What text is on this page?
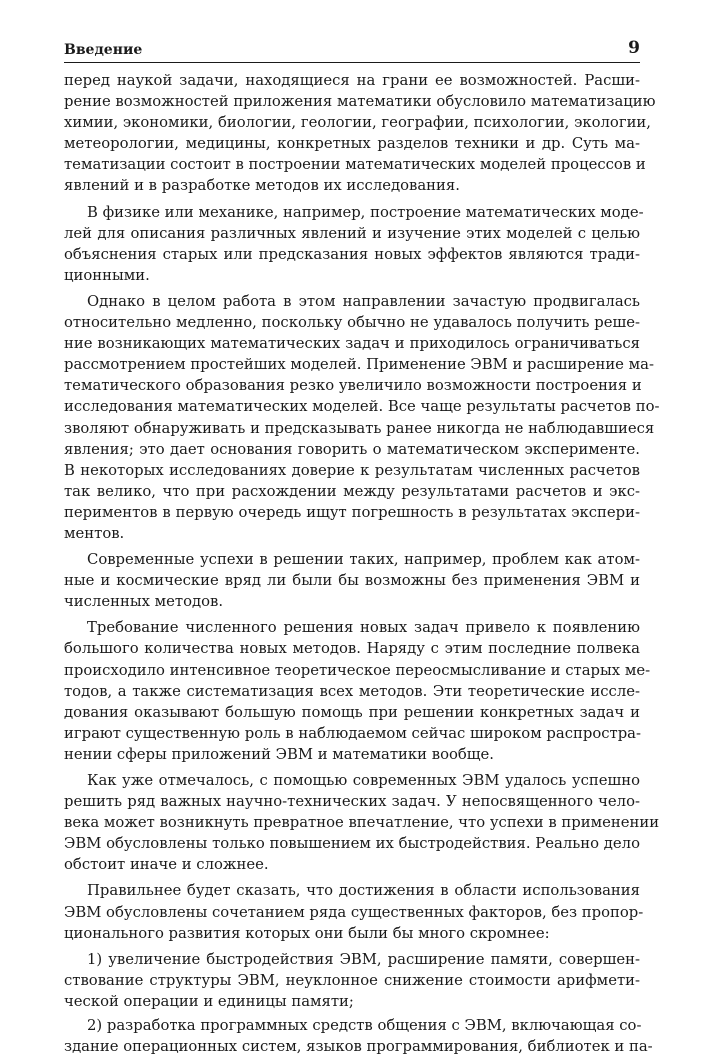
Введение	9
перед наукой задачи, находящиеся на грани ее возможностей. Расши-
рение возможностей приложения математики обусловило математизацию
химии, экономики, биологии, геологии, географии, психологии, экологии,
метеорологии, медицины, конкретных разделов техники и др. Суть ма-
тематизации состоит в построении математических моделей процессов и
явлений и в разработке методов их исследования.
В физике или механике, например, построение математических моде-
лей для описания различных явлений и изучение этих моделей с целью
объяснения старых или предсказания новых эффектов являются тради-
ционными.
Однако в целом работа в этом направлении зачастую продвигалась
относительно медленно, поскольку обычно не удавалось получить реше-
ние возникающих математических задач и приходилось ограничиваться
рассмотрением простейших моделей. Применение ЭВМ и расширение ма-
тематического образования резко увеличило возможности построения и
исследования математических моделей. Все чаще результаты расчетов по-
зволяют обнаруживать и предсказывать ранее никогда не наблюдавшиеся
явления; это дает основания говорить о математическом эксперименте.
В некоторых исследованиях доверие к результатам численных расчетов
так велико, что при расхождении между результатами расчетов и экс-
периментов в первую очередь ищут погрешность в результатах экспери-
ментов.
Современные успехи в решении таких, например, проблем как атом-
ные и космические вряд ли были бы возможны без применения ЭВМ и
численных методов.
Требование численного решения новых задач привело к появлению
большого количества новых методов. Наряду с этим последние полвека
происходило интенсивное теоретическое переосмысливание и старых ме-
тодов, а также систематизация всех методов. Эти теоретические иссле-
дования оказывают большую помощь при решении конкретных задач и
играют существенную роль в наблюдаемом сейчас широком распростра-
нении сферы приложений ЭВМ и математики вообще.
Как уже отмечалось, с помощью современных ЭВМ удалось успешно
решить ряд важных научно-технических задач. У непосвященного чело-
века может возникнуть превратное впечатление, что успехи в применении
ЭВМ обусловлены только повышением их быстродействия. Реально дело
обстоит иначе и сложнее.
Правильнее будет сказать, что достижения в области использования
ЭВМ обусловлены сочетанием ряда существенных факторов, без пропор-
ционального развития которых они были бы много скромнее:
1) увеличение быстродействия ЭВМ, расширение памяти, совершен-
ствование структуры ЭВМ, неуклонное снижение стоимости арифмети-
ческой операции и единицы памяти;
2) разработка программных средств общения с ЭВМ, включающая со-
здание операционных систем, языков программирования, библиотек и па-
